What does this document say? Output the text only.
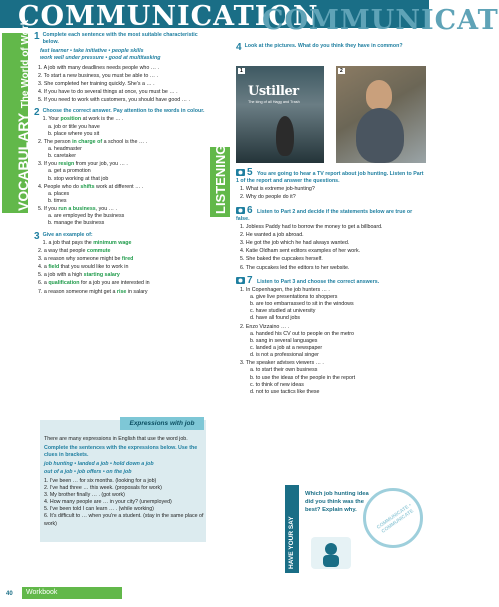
COMMUNICATION
COMMUNICAT
VOCABULARY The World of Work
LISTENING
1 Complete each sentence with the most suitable characteristic below.
fast learner • take initiative • people skills
work well under pressure • good at multitasking
1. A job with many deadlines needs people who … .
2. To start a new business, you must be able to … .
3. She completed her training quickly. She's a … .
4. If you have to do several things at once, you must be … .
5. If you need to work with customers, you should have good … .
2 Choose the correct answer. Pay attention to the words in colour.
1. Your position at work is the … .
a. job or title you have
b. place where you sit
2. The person in charge of a school is the … .
a. headmaster
b. caretaker
3. If you resign from your job, you … .
a. get a promotion
b. stop working at that job
4. People who do shifts work at different … .
a. places
b. times
5. If you run a business, you … .
a. are employed by the business
b. manage the business
3 Give an example of:
1. a job that pays the minimum wage
2. a way that people commute
3. a reason why someone might be fired
4. a field that you would like to work in
5. a job with a high starting salary
6. a qualification for a job you are interested in
7. a reason someone might get a rise in salary
Expressions with job
There are many expressions in English that use the word job.
Complete the sentences with the expressions below. Use the clues in brackets.
job hunting • landed a job • hold down a job
out of a job • job offers • on the job
1. I've been … for six months. (looking for a job)
2. I've had three … this week. (proposals for work)
3. My brother finally … . (got work)
4. How many people are … in your city? (unemployed)
5. I've been told I can learn … . (while working)
6. It's difficult to … when you're a student. (stay in the same place of work)
4 Look at the pictures. What do you think they have in common?
1
Ustiller
The king of all Hagg and Trash
2
5 You are going to hear a TV report about job hunting. Listen to Part 1 of the report and answer the questions.
1. What is extreme job-hunting?
2. Why do people do it?
6 Listen to Part 2 and decide if the statements below are true or false.
1. Jobless Paddy had to borrow the money to get a billboard.
2. He wanted a job abroad.
3. He got the job which he had always wanted.
4. Katie Oldham sent editors examples of her work.
5. She baked the cupcakes herself.
6. The cupcakes led the editors to her website.
7 Listen to Part 3 and choose the correct answers.
1. In Copenhagen, the job hunters … .
a. give live presentations to shoppers
b. are too embarrassed to sit in the windows
c. have studied at university
d. have all found jobs
2. Enzo Vizzaino … .
a. handed his CV out to people on the metro
b. sang in several languages
c. landed a job at a newspaper
d. is not a professional singer
3. The speaker advises viewers … .
a. to start their own business
b. to use the ideas of the people in the report
c. to think of new ideas
d. not to use tactics like these
HAVE YOUR SAY
Which job hunting idea did you think was the best? Explain why.	COMMUNICATE • COMMUNICATE
40	Workbook
